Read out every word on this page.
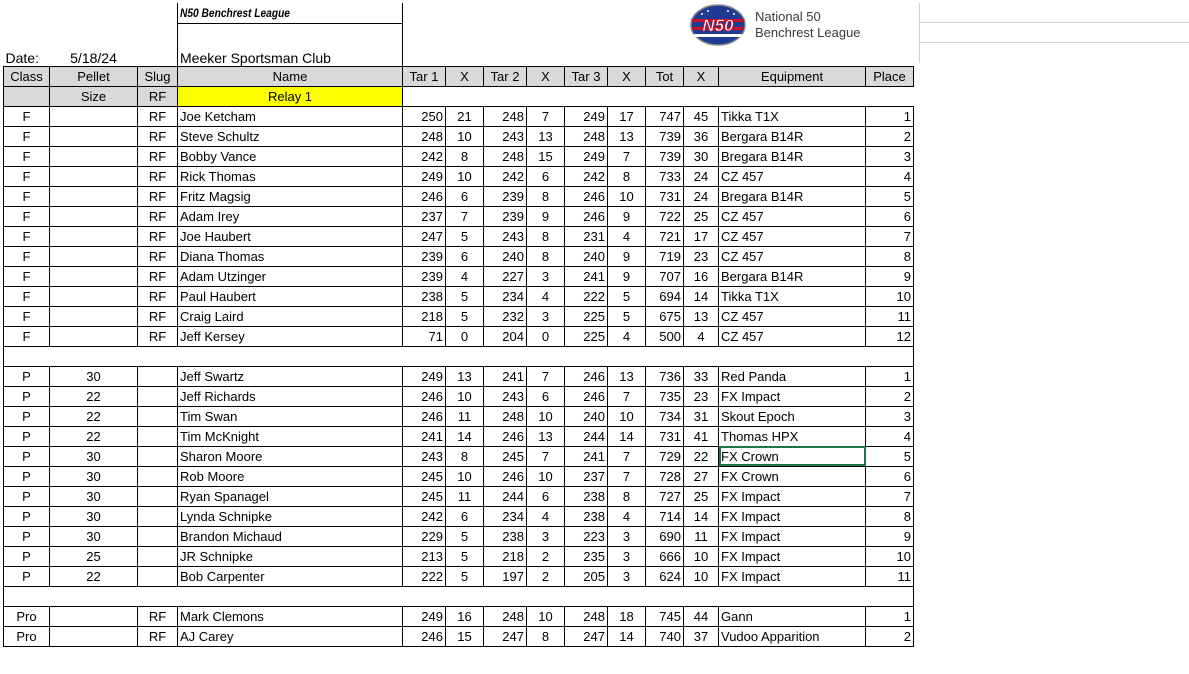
			N50 Benchrest League										
Date:	5/18/24		Meeker Sportsman Club										
Class	Pellet	Slug	Name	Tar 1	X	Tar 2	X	Tar 3	X	Tot	X	Equipment	Place
	Size	RF	Relay 1										
F		RF	Joe Ketcham	250	21	248	7	249	17	747	45	Tikka T1X	1
F		RF	Steve Schultz	248	10	243	13	248	13	739	36	Bergara B14R	2
F		RF	Bobby Vance	242	8	248	15	249	7	739	30	Bregara B14R	3
F		RF	Rick Thomas	249	10	242	6	242	8	733	24	CZ 457	4
F		RF	Fritz Magsig	246	6	239	8	246	10	731	24	Bregara B14R	5
F		RF	Adam Irey	237	7	239	9	246	9	722	25	CZ 457	6
F		RF	Joe Haubert	247	5	243	8	231	4	721	17	CZ 457	7
F		RF	Diana Thomas	239	6	240	8	240	9	719	23	CZ 457	8
F		RF	Adam Utzinger	239	4	227	3	241	9	707	16	Bergara B14R	9
F		RF	Paul Haubert	238	5	234	4	222	5	694	14	Tikka T1X	10
F		RF	Craig Laird	218	5	232	3	225	5	675	13	CZ 457	11
F		RF	Jeff Kersey	71	0	204	0	225	4	500	4	CZ 457	12

P	30		Jeff Swartz	249	13	241	7	246	13	736	33	Red Panda	1
P	22		Jeff Richards	246	10	243	6	246	7	735	23	FX Impact	2
P	22		Tim Swan	246	11	248	10	240	10	734	31	Skout Epoch	3
P	22		Tim McKnight	241	14	246	13	244	14	731	41	Thomas HPX	4
P	30		Sharon Moore	243	8	245	7	241	7	729	22	FX Crown	5
P	30		Rob Moore	245	10	246	10	237	7	728	27	FX Crown	6
P	30		Ryan Spanagel	245	11	244	6	238	8	727	25	FX Impact	7
P	30		Lynda Schnipke	242	6	234	4	238	4	714	14	FX Impact	8
P	30		Brandon Michaud	229	5	238	3	223	3	690	11	FX Impact	9
P	25		JR Schnipke	213	5	218	2	235	3	666	10	FX Impact	10
P	22		Bob Carpenter	222	5	197	2	205	3	624	10	FX Impact	11

Pro		RF	Mark Clemons	249	16	248	10	248	18	745	44	Gann	1
Pro		RF	AJ Carey	246	15	247	8	247	14	740	37	Vudoo Apparition	2
N50 National 50
Benchrest League
